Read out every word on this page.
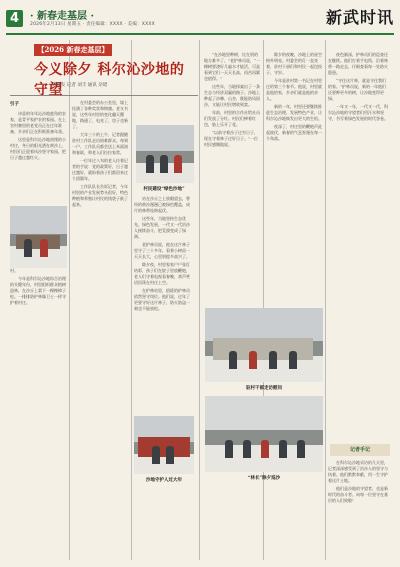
4	· 新春走基层 ·
2026年2月13日 星期五 · 责任编辑：XXXX · 美编：XXXX	新武时讯
【2026 新春走基层】
今义除夕 科尔沁沙地的守望
陈强友 记者 刘丰 通讯 杂珺
引子

诗意的年年沁沙地庭角的农家，是青平家护农的家园。在上官村寨里的老党员正在过年准备，乡亲们正在积极准备年货。

这里是科尔沁沙地南缘的小村庄，冬日的阳光洒在黄沙上，村民们正迎着风沙坚守家园，把日子越过越红火。

村。

今年是科尔沁沙地综合治理的关键年份，村里组织群众植树造林，在沙丘上栽下一棵棵樟子松。一排排防护林像卫士一样守护着村庄。

在村委会的办公室里，墙上挂满了各种奖状和锦旗。老支书说，这些年村里的变化翻天覆地，路通了，电亮了，房子也新了。

大年三十的上午，记者跟随驻村工作队走访困难群众。每到一户，工作队员都会送上米面油和春联，和老人们拉拉家常。

一位年过八旬的老人拉着记者的手说：党的政策好，日子越过越好，就盼着孩子们都回来过个团圆年。

工作队队长告诉记者，今年村里的产业发展势头很好，特色种植和养殖让村民的钱袋子鼓了起来。

村民建设“绿色沙地”

站在沙丘之上放眼望去，曾经的黄沙漫漫已被绿色覆盖，成片的林带连绵起伏。

这些年，当地坚持生态优先、绿色发展，一代又一代治沙人接续奋斗，把荒漠变成了绿洲。

老护林员说，他在这片林子里守了三十多年，看着小树苗一天天长大，心里别提多高兴了。

除夕夜，村里家家户户张灯结彩，孩子们在院子里放鞭炮，老人们守着电视看春晚，欢声笑语回荡在村庄上空。

在护林站里，值班的护林员依然坚守岗位。他们说，过年了更要守好这片林子，防火防盗一刻也不能放松。

沙地守护人过大年

“在沙地里种树，比在别的地方难多了。”老护林员说，“一棵树要浇好几遍水才能活，可是看到它们一天天长高，再苦再累也值得。”

这些年，当地探索出了一条生态与经济双赢的路子。沙地上种起了沙棘、山杏，既能防风固沙，又能让村民增收致富。

年前，村里的合作社给社员们发放了分红。村民们捧着红包，脸上乐开了花。

“以前守着沙子过穷日子，现在守着林子过好日子。”一位村民感慨地说。

驻村干部走访慰问

除夕的夜晚，沙地上的星空格外明亮。村委会的灯一直亮着，驻村干部们和村民一起包饺子、守岁。

今年是驻村第一书记在村里过的第三个春节。他说，村里就是他的家，乡亲们就是他的亲人。

新的一年，村里还要继续推进生态治理，发展特色产业，让科尔沁沙地焕发出更大的生机。

夜深了，村庄里的鞭炮声此起彼伏，新春的气息弥漫在每一个角落。

“林长”除夕巡沙

夜色渐深，护林员们的巡查还在继续。他们打着手电筒，沿着林带一路走去，仔细查看每一处防火隐患。

“守住这片林，就是守住我们的家。”护林员说，新的一年他们还要种更多的树，让沙地变得更绿。

一年又一年，一代又一代，科尔沁沙地的守望者们用汗水和坚守，书写着绿色发展的时代答卷。

记者手记

在科尔沁沙地采访的几天里，记者深深感受到了治沙人的坚守与执着。他们默默奉献，用一生守护着这片土地。

他们是沙地的守望者，也是新时代的奋斗者。向每一位坚守在基层的人们致敬！
